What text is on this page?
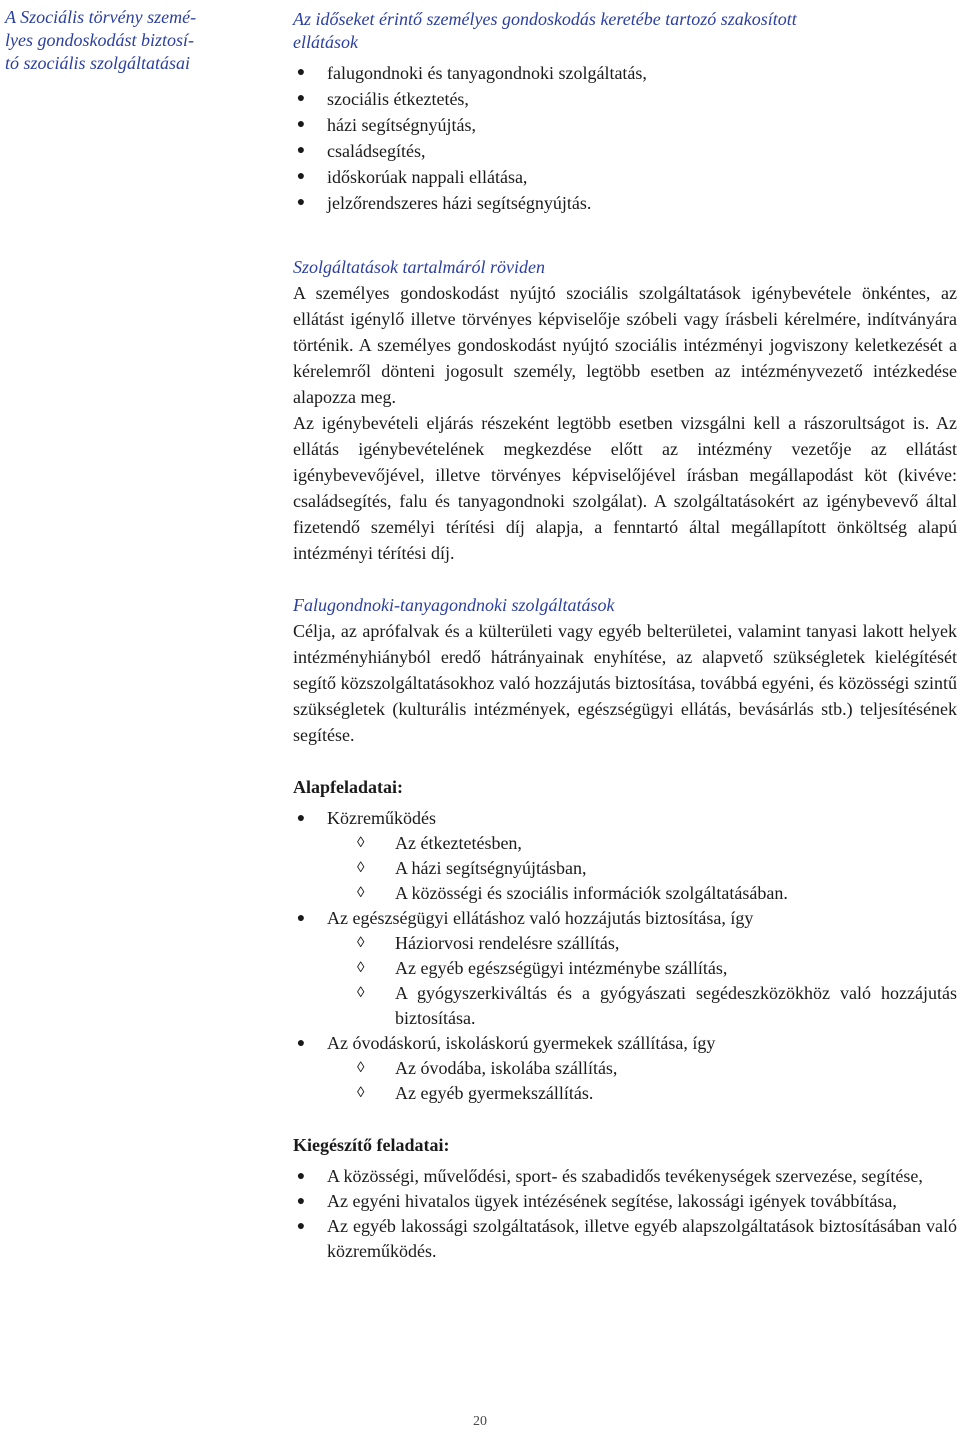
A Szociális törvény szemé-
lyes gondoskodást biztosí-
tó szociális szolgáltatásai
Az időseket érintő személyes gondoskodás keretébe tartozó szakosított
ellátások
● falugondnoki és tanyagondnoki szolgáltatás,
● szociális étkeztetés,
● házi segítségnyújtás,
● családsegítés,
● időskorúak nappali ellátása,
● jelzőrendszeres házi segítségnyújtás.
Szolgáltatások tartalmáról röviden

A személyes gondoskodást nyújtó szociális szolgáltatások igénybevétele önkéntes, az ellátást igénylő illetve törvényes képviselője szóbeli vagy írásbeli kérelmére, indítványára történik. A személyes gondoskodást nyújtó szociális intézményi jogviszony keletkezését a kérelemről dönteni jogosult személy, legtöbb esetben az intézményvezető intézkedése alapozza meg.

Az igénybevételi eljárás részeként legtöbb esetben vizsgálni kell a rászorultságot is. Az ellátás igénybevételének megkezdése előtt az intézmény vezetője az ellátást igénybevevőjével, illetve törvényes képviselőjével írásban megállapodást köt (kivéve: családsegítés, falu és tanyagondnoki szolgálat). A szolgáltatásokért az igénybevevő által fizetendő személyi térítési díj alapja, a fenntartó által megállapított önköltség alapú intézményi térítési díj.

Falugondnoki-tanyagondnoki szolgáltatások

Célja, az aprófalvak és a külterületi vagy egyéb belterületei, valamint tanyasi lakott helyek intézményhiányból eredő hátrányainak enyhítése, az alapvető szükségletek kielégítését segítő közszolgáltatásokhoz való hozzájutás biztosítása, továbbá egyéni, és közösségi szintű szükségletek (kulturális intézmények, egészségügyi ellátás, bevásárlás stb.) teljesítésének segítése.

Alapfeladatai:
● Közreműködés
◊ Az étkeztetésben,
◊ A házi segítségnyújtásban,
◊ A közösségi és szociális információk szolgáltatásában.
● Az egészségügyi ellátáshoz való hozzájutás biztosítása, így
◊ Háziorvosi rendelésre szállítás,
◊ Az egyéb egészségügyi intézménybe szállítás,
◊ A gyógyszerkiváltás és a gyógyászati segédeszközökhöz való hozzájutás biztosítása.
● Az óvodáskorú, iskoláskorú gyermekek szállítása, így
◊ Az óvodába, iskolába szállítás,
◊ Az egyéb gyermekszállítás.
Kiegészítő feladatai:
● A közösségi, művelődési, sport- és szabadidős tevékenységek szervezése, segítése,
● Az egyéni hivatalos ügyek intézésének segítése, lakossági igények továbbítása,
● Az egyéb lakossági szolgáltatások, illetve egyéb alapszolgáltatások biztosításában való közreműködés.
20
